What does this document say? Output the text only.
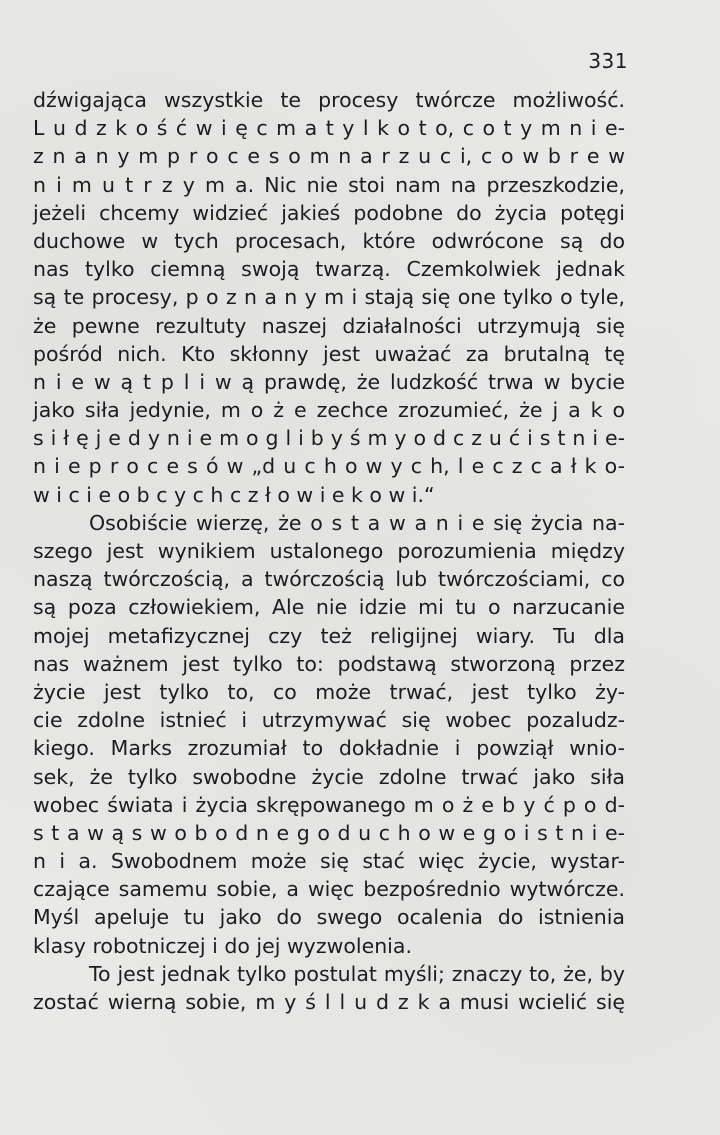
331
dźwigająca wszystkie te procesy twórcze możliwość.
L u d z k o ś ć w i ę c m a t y l k o t o, c o t y m n i e-
z n a n y m p r o c e s o m n a r z u c i, c o w b r e w
n i m u t r z y m a. Nic nie stoi nam na przeszkodzie,
jeżeli chcemy widzieć jakieś podobne do życia potęgi
duchowe w tych procesach, które odwrócone są do
nas tylko ciemną swoją twarzą. Czemkolwiek jednak
są te procesy, p o z n a n y m i stają się one tylko o tyle,
że pewne rezultuty naszej działalności utrzymują się
pośród nich. Kto skłonny jest uważać za brutalną tę
n i e w ą t p l i w ą prawdę, że ludzkość trwa w bycie
jako siła jedynie, m o ż e zechce zrozumieć, że j a k o
s i ł ę j e d y n i e m o g l i b y ś m y o d c z u ć i s t n i e-
n i e p r o c e s ó w „d u c h o w y c h, l e c z c a ł k o-
w i c i e o b c y c h c z ł o w i e k o w i.“
Osobiście wierzę, że o s t a w a n i e się życia na-
szego jest wynikiem ustalonego porozumienia między
naszą twórczością, a twórczością lub twórczościami, co
są poza człowiekiem, Ale nie idzie mi tu o narzucanie
mojej metafizycznej czy też religijnej wiary. Tu dla
nas ważnem jest tylko to: podstawą stworzoną przez
życie jest tylko to, co może trwać, jest tylko ży-
cie zdolne istnieć i utrzymywać się wobec pozaludz-
kiego. Marks zrozumiał to dokładnie i powziął wnio-
sek, że tylko swobodne życie zdolne trwać jako siła
wobec świata i życia skrępowanego m o ż e b y ć p o d-
s t a w ą s w o b o d n e g o d u c h o w e g o i s t n i e-
n i a. Swobodnem może się stać więc życie, wystar-
czające samemu sobie, a więc bezpośrednio wytwórcze.
Myśl apeluje tu jako do swego ocalenia do istnienia
klasy robotniczej i do jej wyzwolenia.
To jest jednak tylko postulat myśli; znaczy to, że, by
zostać wierną sobie, m y ś l l u d z k a musi wcielić się
